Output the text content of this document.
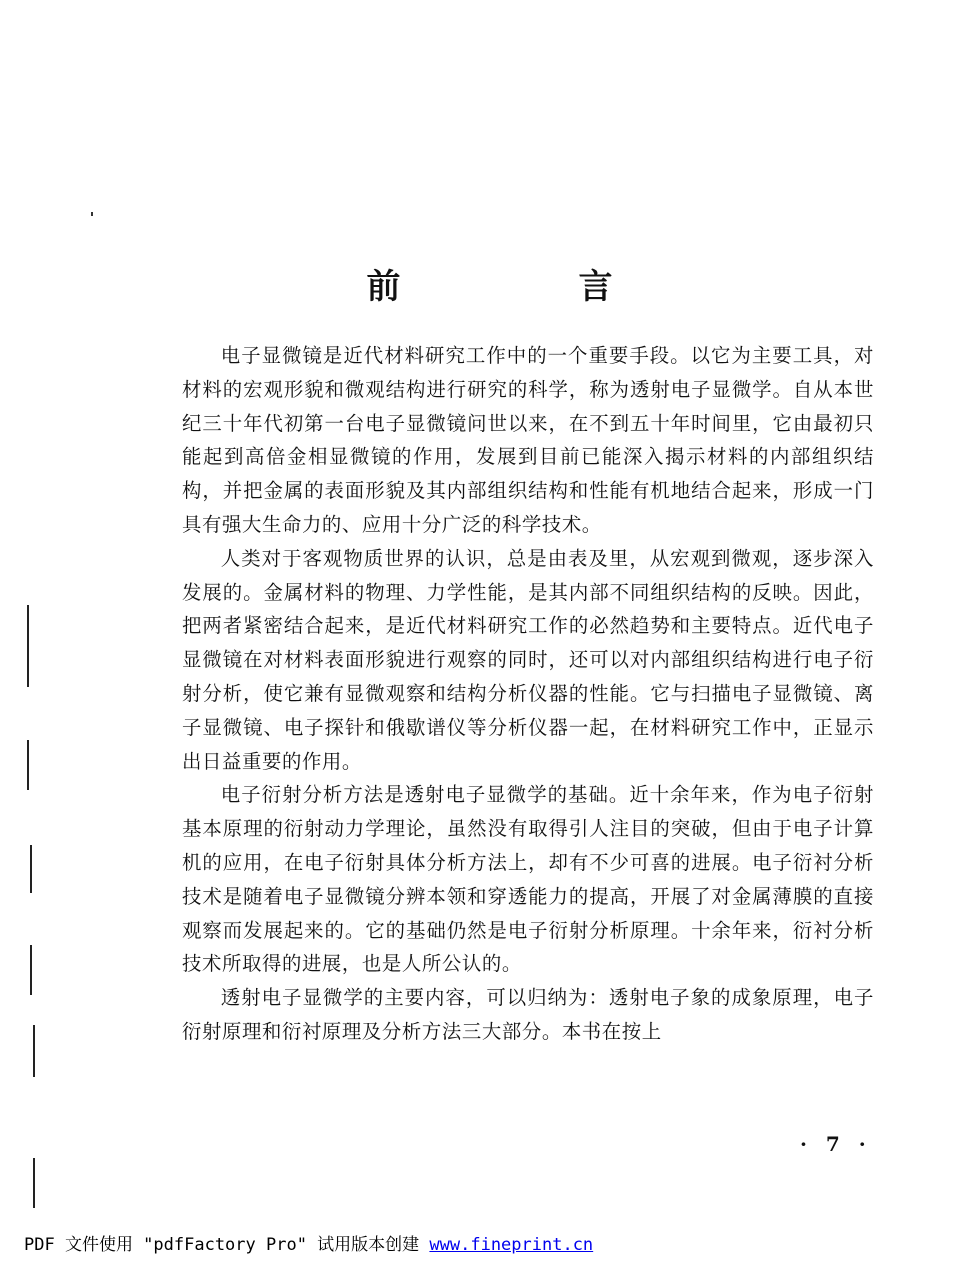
前　言

电子显微镜是近代材料研究工作中的一个重要手段。以它为主要工具，对材料的宏观形貌和微观结构进行研究的科学，称为透射电子显微学。自从本世纪三十年代初第一台电子显微镜问世以来，在不到五十年时间里，它由最初只能起到高倍金相显微镜的作用，发展到目前已能深入揭示材料的内部组织结构，并把金属的表面形貌及其内部组织结构和性能有机地结合起来，形成一门具有强大生命力的、应用十分广泛的科学技术。

人类对于客观物质世界的认识，总是由表及里，从宏观到微观，逐步深入发展的。金属材料的物理、力学性能，是其内部不同组织结构的反映。因此，把两者紧密结合起来，是近代材料研究工作的必然趋势和主要特点。近代电子显微镜在对材料表面形貌进行观察的同时，还可以对内部组织结构进行电子衍射分析，使它兼有显微观察和结构分析仪器的性能。它与扫描电子显微镜、离子显微镜、电子探针和俄歇谱仪等分析仪器一起，在材料研究工作中，正显示出日益重要的作用。

电子衍射分析方法是透射电子显微学的基础。近十余年来，作为电子衍射基本原理的衍射动力学理论，虽然没有取得引人注目的突破，但由于电子计算机的应用，在电子衍射具体分析方法上，却有不少可喜的进展。电子衍衬分析技术是随着电子显微镜分辨本领和穿透能力的提高，开展了对金属薄膜的直接观察而发展起来的。它的基础仍然是电子衍射分析原理。十余年来，衍衬分析技术所取得的进展，也是人所公认的。

透射电子显微学的主要内容，可以归纳为：透射电子象的成象原理，电子衍射原理和衍衬原理及分析方法三大部分。本书在按上

· 7 ·
PDF 文件使用 "pdfFactory Pro" 试用版本创建 www.fineprint.cn
